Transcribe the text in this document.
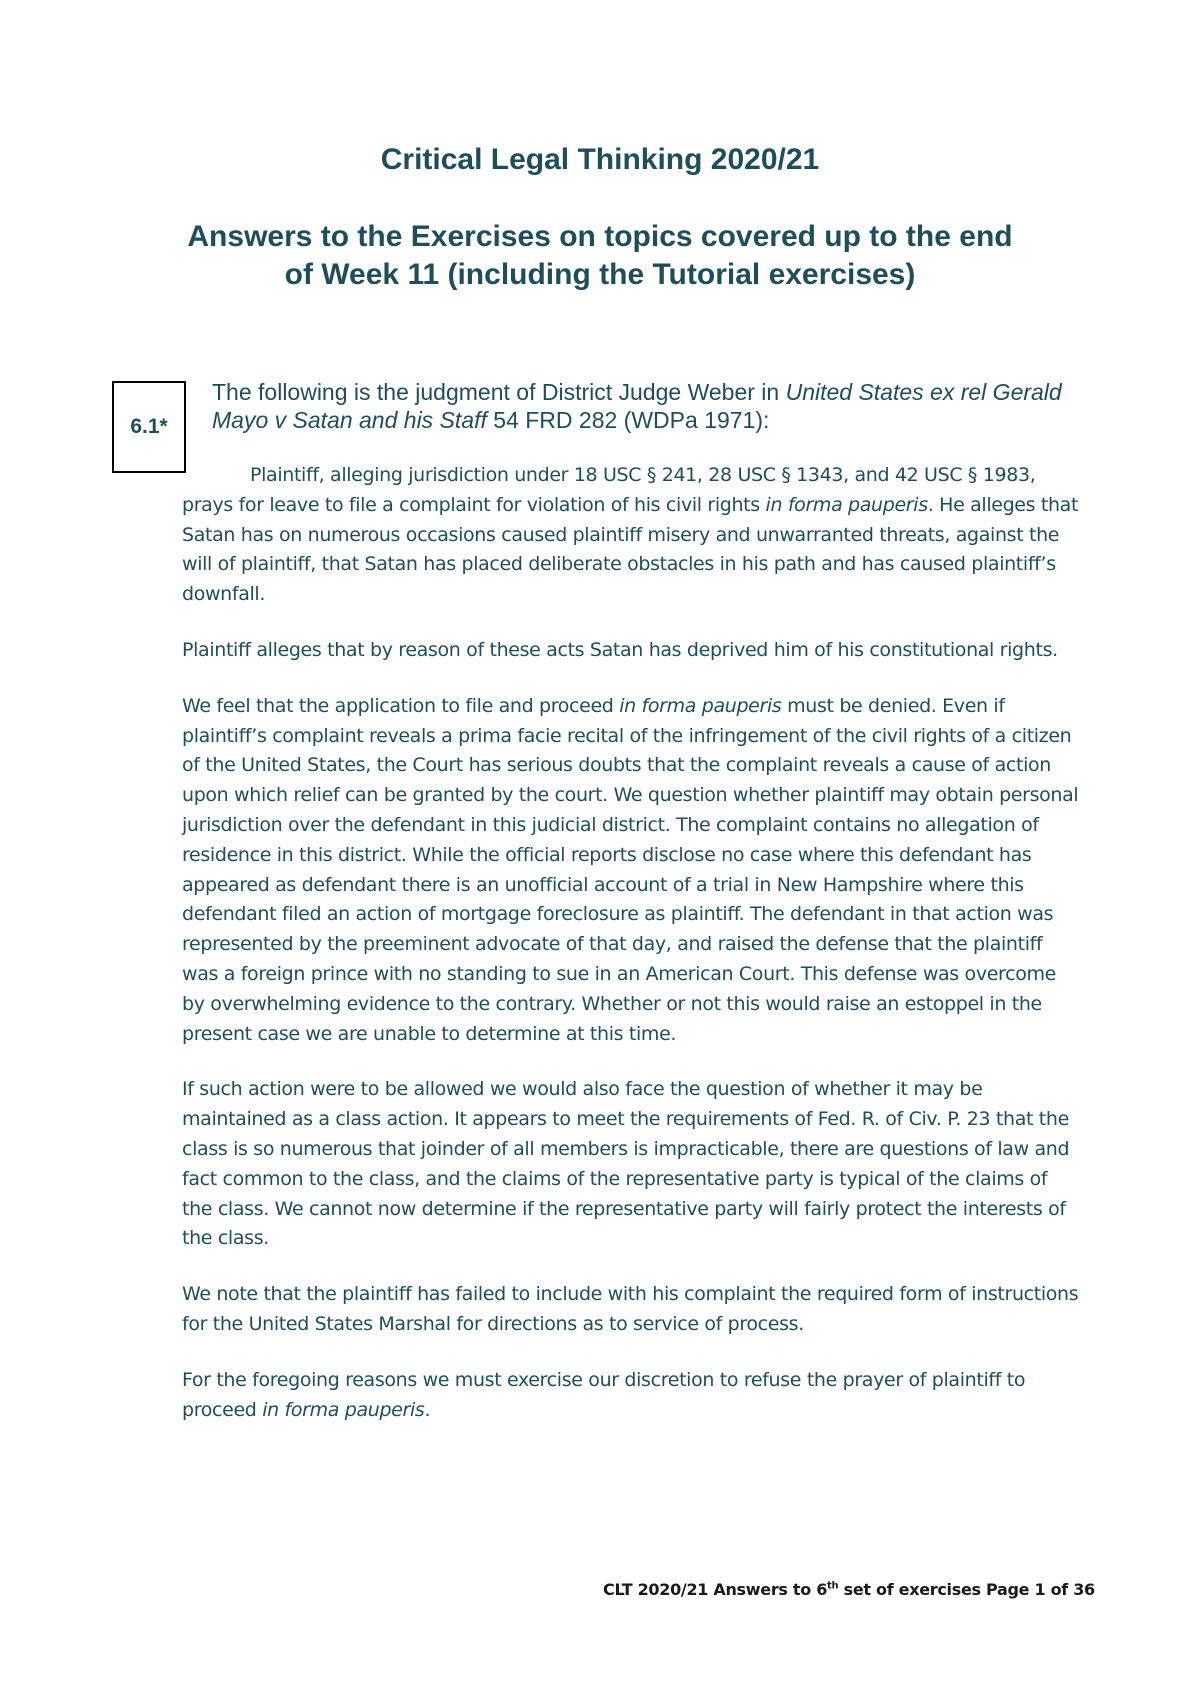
Critical Legal Thinking 2020/21
Answers to the Exercises on topics covered up to the end
of Week 11 (including the Tutorial exercises)
6.1*
The following is the judgment of District Judge Weber in United States ex rel Gerald Mayo v Satan and his Staff 54 FRD 282 (WDPa 1971):

Plaintiff, alleging jurisdiction under 18 USC § 241, 28 USC § 1343, and 42 USC § 1983, prays for leave to file a complaint for violation of his civil rights in forma pauperis. He alleges that Satan has on numerous occasions caused plaintiff misery and unwarranted threats, against the will of plaintiff, that Satan has placed deliberate obstacles in his path and has caused plaintiff’s downfall.

Plaintiff alleges that by reason of these acts Satan has deprived him of his constitutional rights.

We feel that the application to file and proceed in forma pauperis must be denied. Even if plaintiff’s complaint reveals a prima facie recital of the infringement of the civil rights of a citizen of the United States, the Court has serious doubts that the complaint reveals a cause of action upon which relief can be granted by the court. We question whether plaintiff may obtain personal jurisdiction over the defendant in this judicial district. The complaint contains no allegation of residence in this district. While the official reports disclose no case where this defendant has appeared as defendant there is an unofficial account of a trial in New Hampshire where this defendant filed an action of mortgage foreclosure as plaintiff. The defendant in that action was represented by the preeminent advocate of that day, and raised the defense that the plaintiff was a foreign prince with no standing to sue in an American Court. This defense was overcome by overwhelming evidence to the contrary. Whether or not this would raise an estoppel in the present case we are unable to determine at this time.

If such action were to be allowed we would also face the question of whether it may be maintained as a class action. It appears to meet the requirements of Fed. R. of Civ. P. 23 that the class is so numerous that joinder of all members is impracticable, there are questions of law and fact common to the class, and the claims of the representative party is typical of the claims of the class. We cannot now determine if the representative party will fairly protect the interests of the class.

We note that the plaintiff has failed to include with his complaint the required form of instructions for the United States Marshal for directions as to service of process.

For the foregoing reasons we must exercise our discretion to refuse the prayer of plaintiff to proceed in forma pauperis.

CLT 2020/21 Answers to 6th set of exercises Page 1 of 36
